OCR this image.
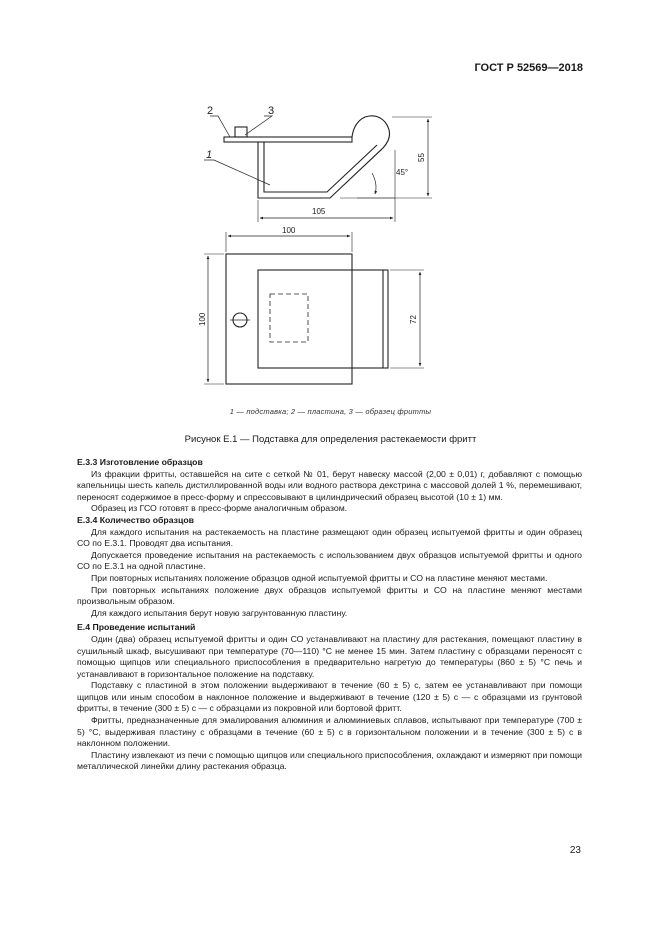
ГОСТ Р 52569—2018
2	3
1
105
45°
55
100
100	72
1 — подставка; 2 — пластина, 3 — образец фритты
Рисунок Е.1 — Подставка для определения растекаемости фритт
Е.3.3 Изготовление образцов

Из фракции фритты, оставшейся на сите с сеткой № 01, берут навеску массой (2,00 ± 0,01) г, добавляют с помощью капельницы шесть капель дистиллированной воды или водного раствора декстрина с массовой долей 1 %, перемешивают, переносят содержимое в пресс-форму и спрессовывают в цилиндрический образец высотой (10 ± 1) мм.

Образец из ГСО готовят в пресс-форме аналогичным образом.

Е.3.4 Количество образцов

Для каждого испытания на растекаемость на пластине размещают один образец испытуемой фритты и один образец СО по Е.3.1. Проводят два испытания.

Допускается проведение испытания на растекаемость с использованием двух образцов испытуемой фритты и одного СО по Е.3.1 на одной пластине.

При повторных испытаниях положение образцов одной испытуемой фритты и СО на пластине меняют местами.

При повторных испытаниях положение двух образцов испытуемой фритты и СО на пластине меняют местами произвольным образом.

Для каждого испытания берут новую загрунтованную пластину.

Е.4 Проведение испытаний

Один (два) образец испытуемой фритты и один СО устанавливают на пластину для растекания, помещают пластину в сушильный шкаф, высушивают при температуре (70—110) °С не менее 15 мин. Затем пластину с образцами переносят с помощью щипцов или специального приспособления в предварительно нагретую до температуры (860 ± 5) °С печь и устанавливают в горизонтальное положение на подставку.

Подставку с пластиной в этом положении выдерживают в течение (60 ± 5) с, затем ее устанавливают при помощи щипцов или иным способом в наклонное положение и выдерживают в течение (120 ± 5) с — с образцами из грунтовой фритты, в течение (300 ± 5) с — с образцами из покровной или бортовой фритт.

Фритты, предназначенные для эмалирования алюминия и алюминиевых сплавов, испытывают при температуре (700 ± 5) °С, выдерживая пластину с образцами в течение (60 ± 5) с в горизонтальном положении и в течение (300 ± 5) с в наклонном положении.

Пластину извлекают из печи с помощью щипцов или специального приспособления, охлаждают и измеряют при помощи металлической линейки длину растекания образца.

23
